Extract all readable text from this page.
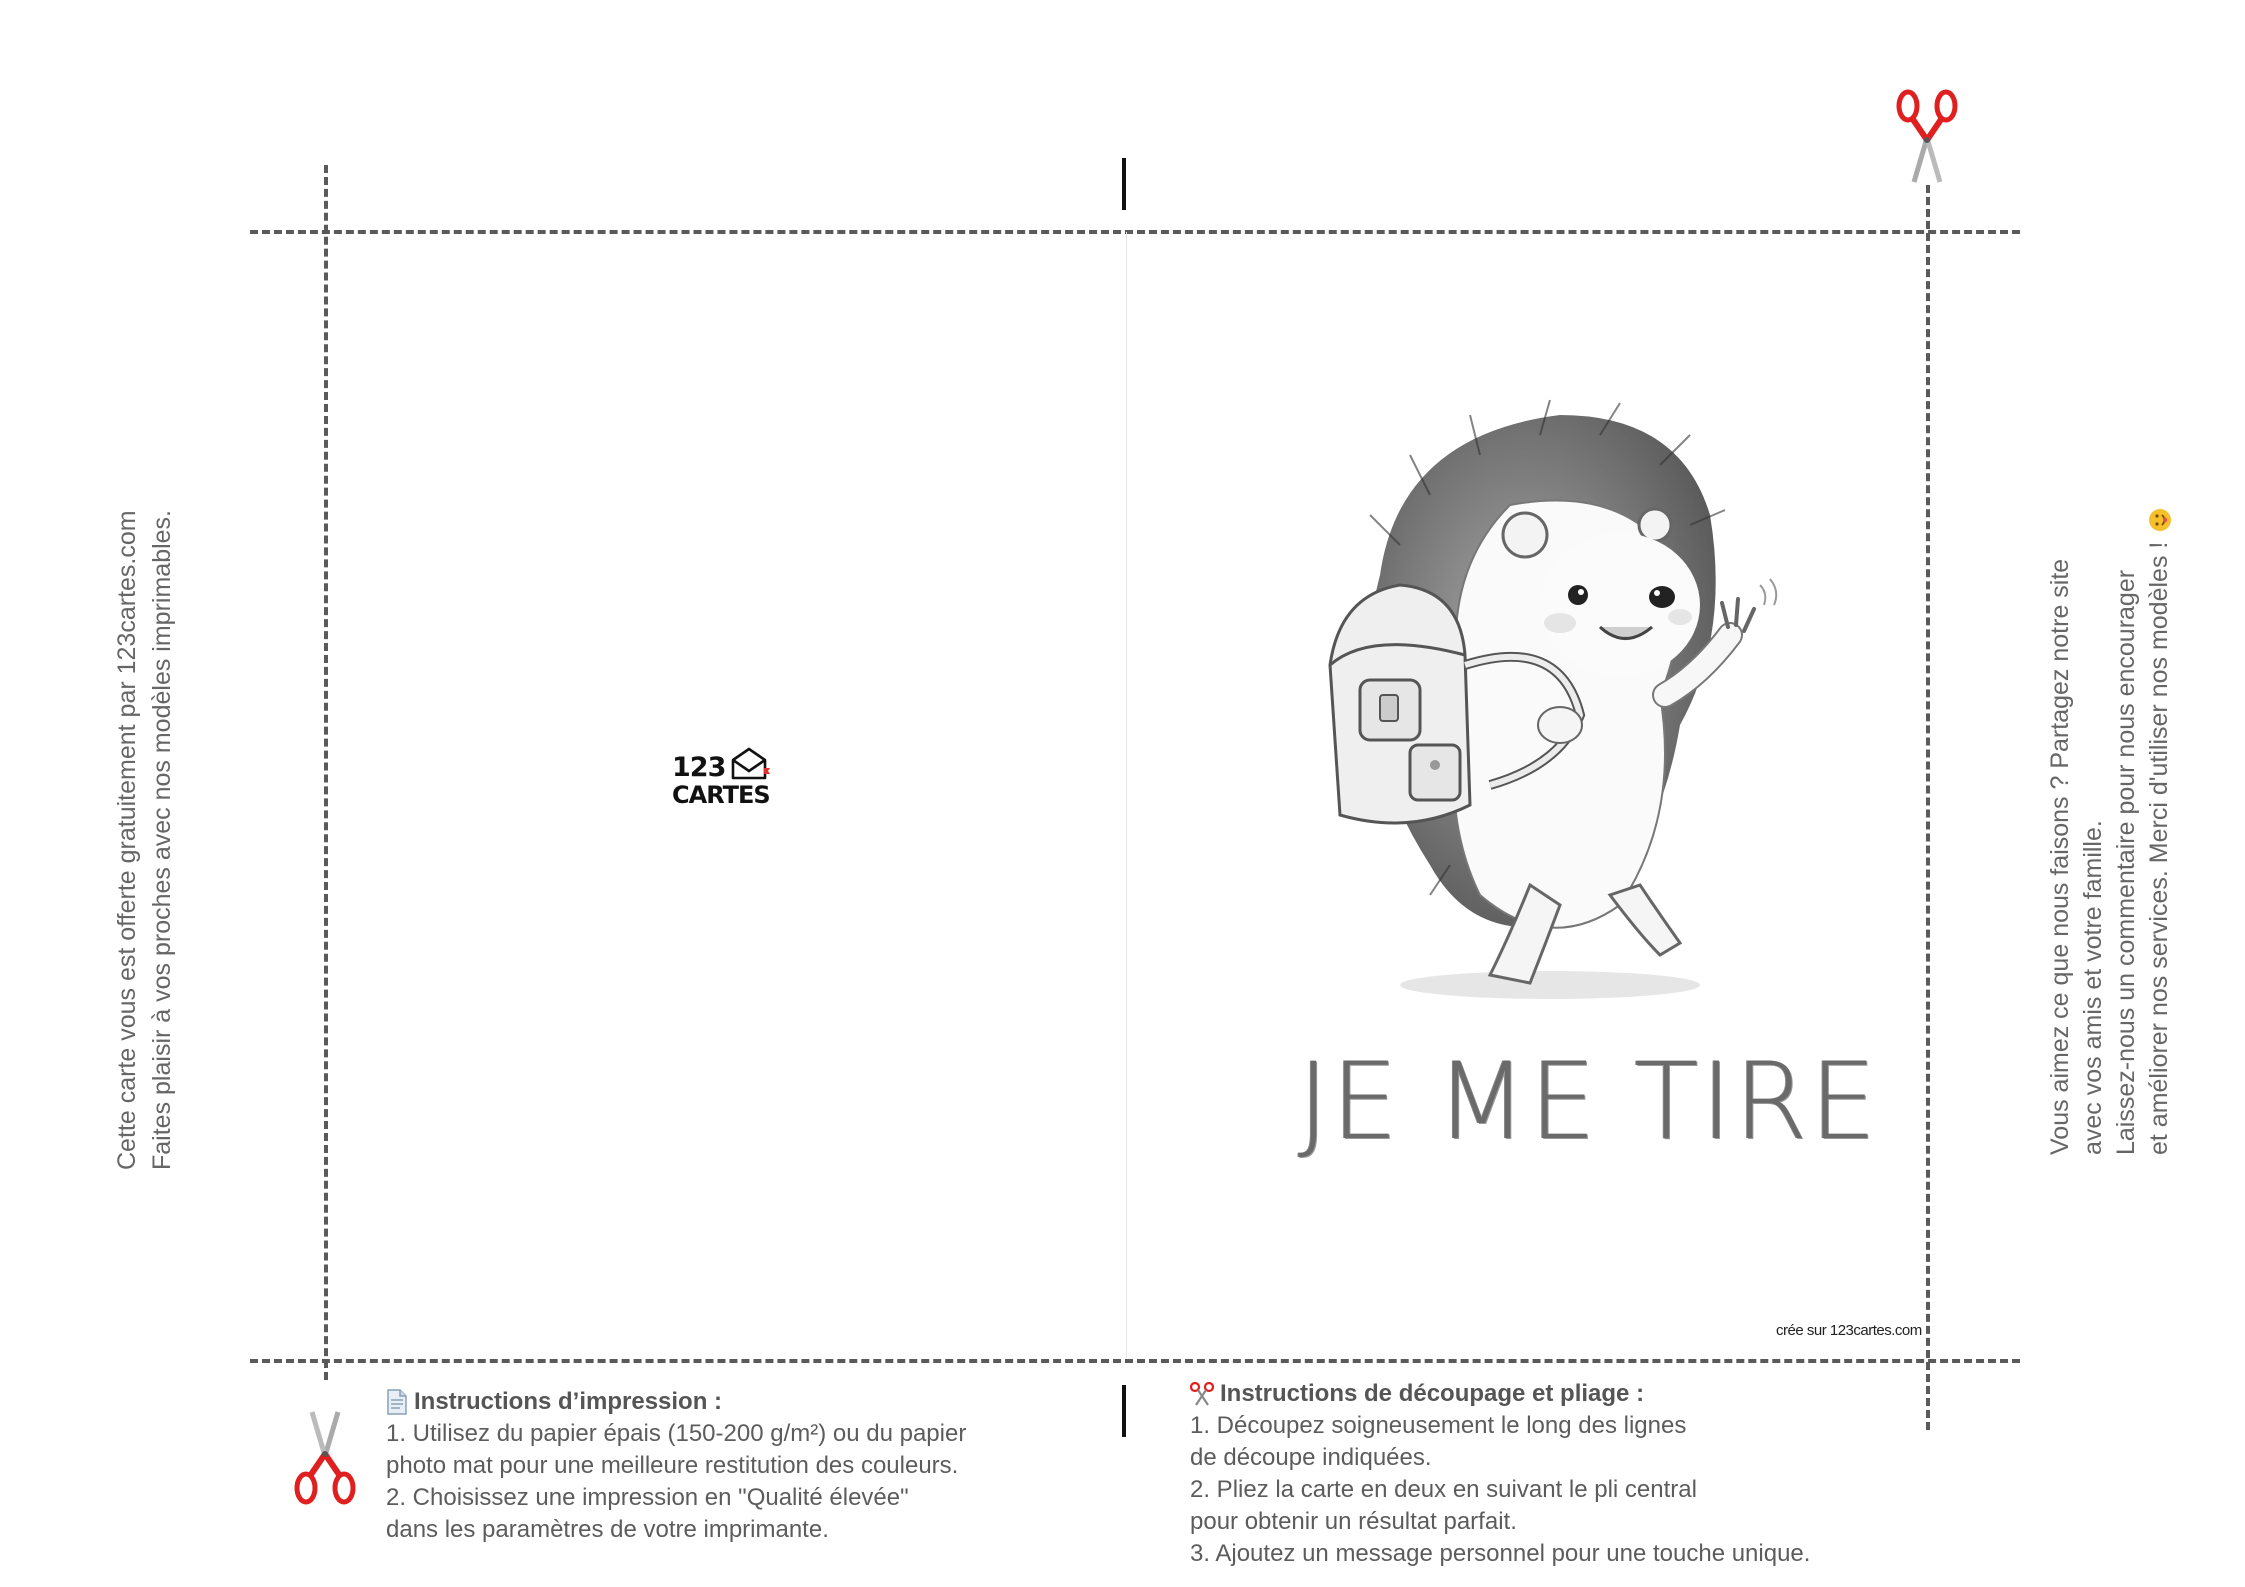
Cette carte vous est offerte gratuitement par 123cartes.com Faites plaisir à vos proches avec nos modèles imprimables.	Vous aimez ce que nous faisons ? Partagez notre site avec vos amis et votre famille. Laissez-nous un commentaire pour nous encourager et améliorer nos services. Merci d'utiliser nos modèles !
123
CARTES
JE ME TIRE
crée sur 123cartes.com
Instructions d’impression :
1. Utilisez du papier épais (150-200 g/m²) ou du papier
photo mat pour une meilleure restitution des couleurs.
2. Choisissez une impression en "Qualité élevée"
dans les paramètres de votre imprimante.
Instructions de découpage et pliage :
1. Découpez soigneusement le long des lignes
de découpe indiquées.
2. Pliez la carte en deux en suivant le pli central
pour obtenir un résultat parfait.
3. Ajoutez un message personnel pour une touche unique.
